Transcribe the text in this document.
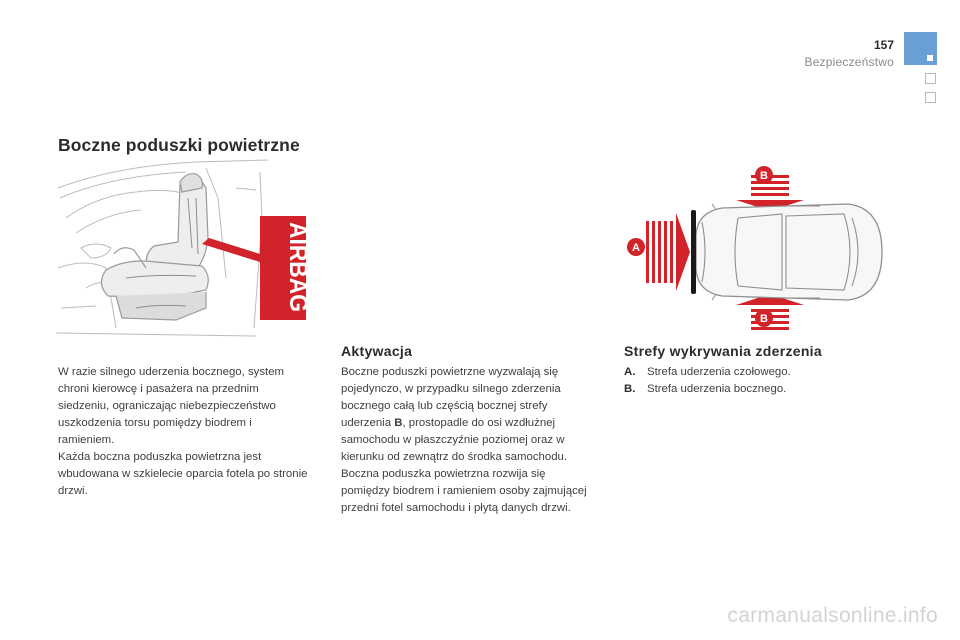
157
Bezpieczeństwo
Boczne poduszki powietrzne
AIRBAG	A
B
B

W razie silnego uderzenia bocznego, system chroni kierowcę i pasażera na przednim siedzeniu, ograniczając niebezpieczeństwo uszkodzenia torsu pomiędzy biodrem i ramieniem.

Każda boczna poduszka powietrzna jest wbudowana w szkielecie oparcia fotela po stronie drzwi.

Aktywacja

Boczne poduszki powietrzne wyzwalają się pojedynczo, w przypadku silnego zderzenia bocznego całą lub częścią bocznej strefy uderzenia B, prostopadle do osi wzdłużnej samochodu w płaszczyźnie poziomej oraz w kierunku od zewnątrz do środka samochodu.

Boczna poduszka powietrzna rozwija się pomiędzy biodrem i ramieniem osoby zajmującej przedni fotel samochodu i płytą danych drzwi.

Strefy wykrywania zderzenia
A.	Strefa uderzenia czołowego.
B.	Strefa uderzenia bocznego.
carmanualsonline.info
